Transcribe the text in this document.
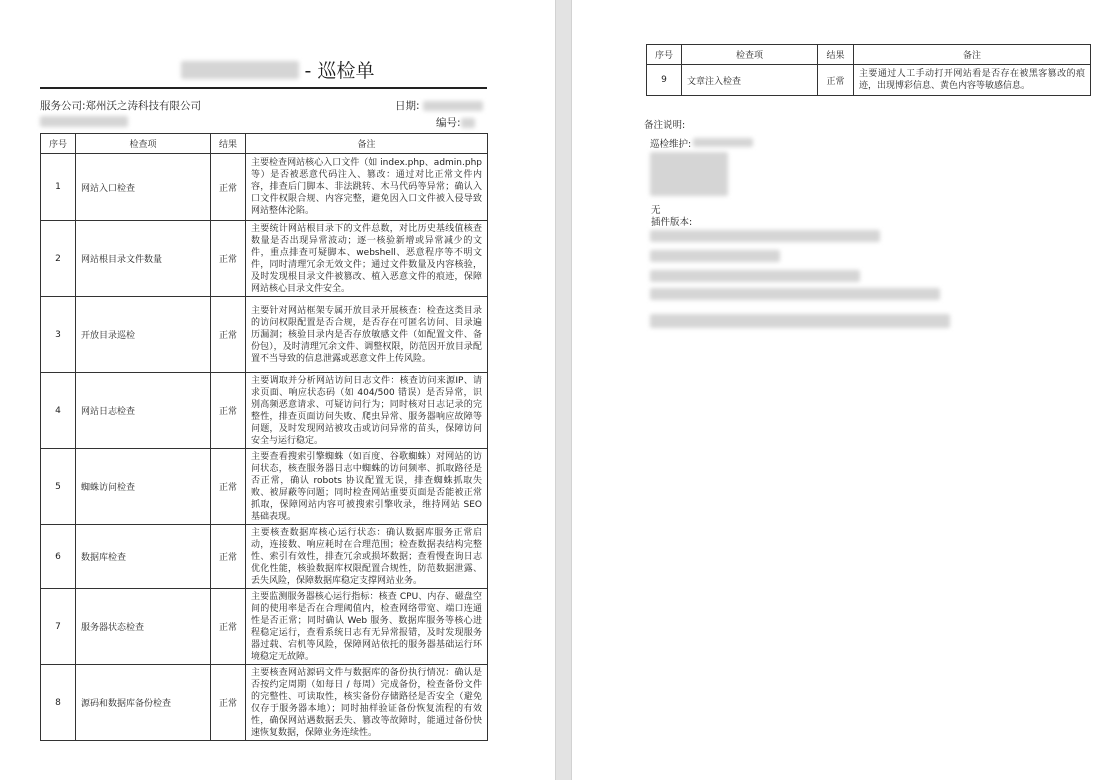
- 巡检单
服务公司:郑州沃之涛科技有限公司	日期:
编号:
序号	检查项	结果	备注
1	网站入口检查	正常	主要检查网站核心入口文件（如 index.php、admin.php 等）是否被恶意代码注入、篡改：通过对比正常文件内容，排查后门脚本、非法跳转、木马代码等异常；确认入口文件权限合规、内容完整，避免因入口文件被入侵导致网站整体沦陷。
2	网站根目录文件数量	正常	主要统计网站根目录下的文件总数，对比历史基线值核查数量是否出现异常波动；逐一核验新增或异常减少的文件，重点排查可疑脚本、webshell、恶意程序等不明文件，同时清理冗余无效文件；通过文件数量及内容核验，及时发现根目录文件被篡改、植入恶意文件的痕迹，保障网站核心目录文件安全。
3	开放目录巡检	正常	主要针对网站框架专属开放目录开展核查：检查这类目录的访问权限配置是否合规，是否存在可匿名访问、目录遍历漏洞；核验目录内是否存放敏感文件（如配置文件、备份包），及时清理冗余文件、调整权限，防范因开放目录配置不当导致的信息泄露或恶意文件上传风险。
4	网站日志检查	正常	主要调取并分析网站访问日志文件：核查访问来源IP、请求页面、响应状态码（如 404/500 错误）是否异常，识别高频恶意请求、可疑访问行为；同时核对日志记录的完整性，排查页面访问失败、爬虫异常、服务器响应故障等问题，及时发现网站被攻击或访问异常的苗头，保障访问安全与运行稳定。
5	蜘蛛访问检查	正常	主要查看搜索引擎蜘蛛（如百度、谷歌蜘蛛）对网站的访问状态，核查服务器日志中蜘蛛的访问频率、抓取路径是否正常，确认 robots 协议配置无误，排查蜘蛛抓取失败、被屏蔽等问题；同时检查网站重要页面是否能被正常抓取，保障网站内容可被搜索引擎收录，维持网站 SEO 基础表现。
6	数据库检查	正常	主要核查数据库核心运行状态：确认数据库服务正常启动，连接数、响应耗时在合理范围；检查数据表结构完整性、索引有效性，排查冗余或损坏数据；查看慢查询日志优化性能，核验数据库权限配置合规性，防范数据泄露、丢失风险，保障数据库稳定支撑网站业务。
7	服务器状态检查	正常	主要监测服务器核心运行指标：核查 CPU、内存、磁盘空间的使用率是否在合理阈值内，检查网络带宽、端口连通性是否正常；同时确认 Web 服务、数据库服务等核心进程稳定运行，查看系统日志有无异常报错，及时发现服务器过载、宕机等风险，保障网站依托的服务器基础运行环境稳定无故障。
8	源码和数据库备份检查	正常	主要核查网站源码文件与数据库的备份执行情况：确认是否按约定周期（如每日 / 每周）完成备份，检查备份文件的完整性、可读取性，核实备份存储路径是否安全（避免仅存于服务器本地）；同时抽样验证备份恢复流程的有效性，确保网站遇数据丢失、篡改等故障时，能通过备份快速恢复数据，保障业务连续性。
备注说明:
巡检维护:
无
插件版本:
序号	检查项	结果	备注
9	文章注入检查	正常	主要通过人工手动打开网站看是否存在被黑客篡改的痕迹，出现博彩信息、黄色内容等敏感信息。
